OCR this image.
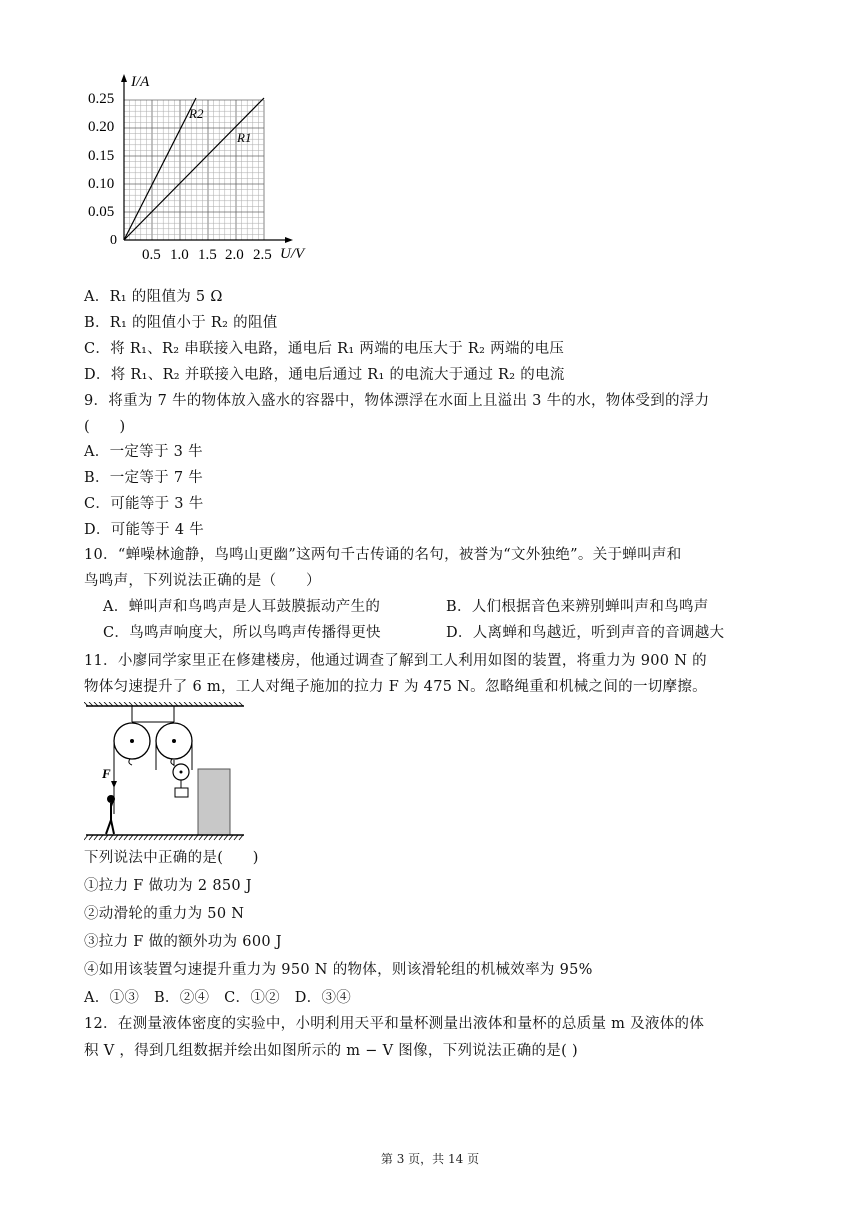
I/A
U/V
0
0.25
0.20
0.15
0.10
0.05
0.5 1.0 1.5 2.0 2.5
R2
R1
A．R₁ 的阻值为 5 Ω
B．R₁ 的阻值小于 R₂ 的阻值
C．将 R₁、R₂ 串联接入电路，通电后 R₁ 两端的电压大于 R₂ 两端的电压
D．将 R₁、R₂ 并联接入电路，通电后通过 R₁ 的电流大于通过 R₂ 的电流
9．将重为 7 牛的物体放入盛水的容器中，物体漂浮在水面上且溢出 3 牛的水，物体受到的浮力
(　　)
A．一定等于 3 牛
B．一定等于 7 牛
C．可能等于 3 牛
D．可能等于 4 牛
10．“蝉噪林逾静，鸟鸣山更幽”这两句千古传诵的名句，被誉为“文外独绝”。关于蝉叫声和
鸟鸣声，下列说法正确的是（　　）
A．蝉叫声和鸟鸣声是人耳鼓膜振动产生的	B．人们根据音色来辨别蝉叫声和鸟鸣声
C．鸟鸣声响度大，所以鸟鸣声传播得更快	D．人离蝉和鸟越近，听到声音的音调越大
11．小廖同学家里正在修建楼房，他通过调查了解到工人利用如图的装置，将重力为 900 N 的
物体匀速提升了 6 m，工人对绳子施加的拉力 F 为 475 N。忽略绳重和机械之间的一切摩擦。
F
下列说法中正确的是(　　)
①拉力 F 做功为 2 850 J
②动滑轮的重力为 50 N
③拉力 F 做的额外功为 600 J
④如用该装置匀速提升重力为 950 N 的物体，则该滑轮组的机械效率为 95%
A．①③　B．②④　C．①②　D．③④
12．在测量液体密度的实验中，小明利用天平和量杯测量出液体和量杯的总质量 m 及液体的体
积 V ，得到几组数据并绘出如图所示的 m − V 图像，下列说法正确的是( )
第 3 页，共 14 页
